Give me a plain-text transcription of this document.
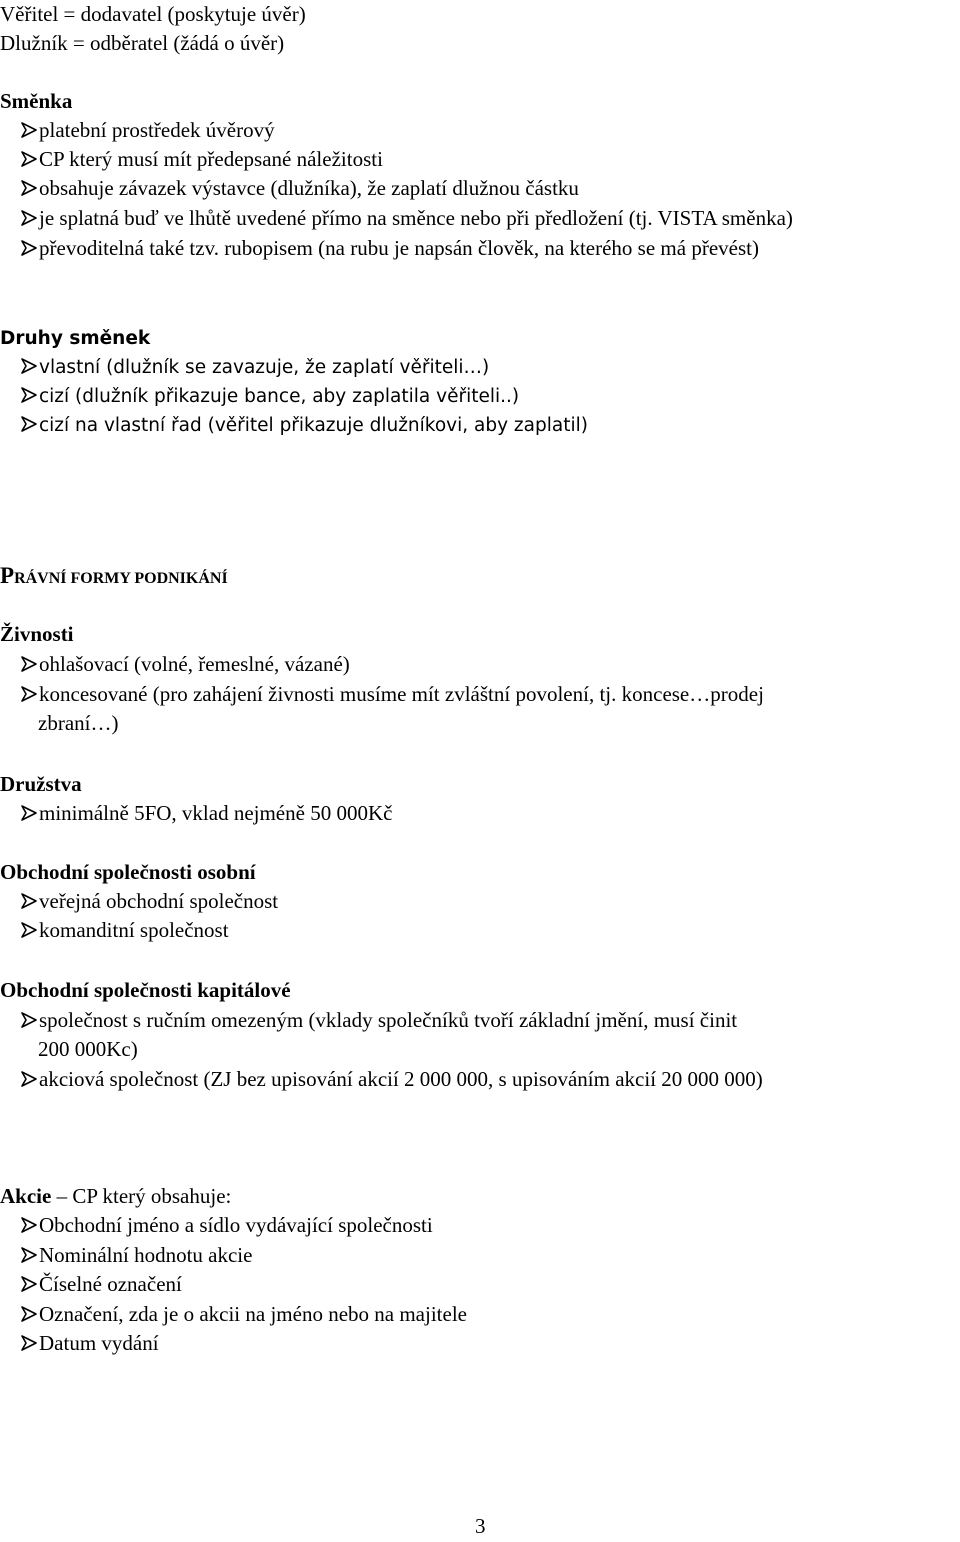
Věřitel = dodavatel (poskytuje úvěr)
Dlužník = odběratel (žádá o úvěr)
Směnka
platební prostředek úvěrový
CP který musí mít předepsané náležitosti
obsahuje závazek výstavce (dlužníka), že zaplatí dlužnou částku
je splatná buď ve lhůtě uvedené přímo na směnce nebo při předložení (tj. VISTA směnka)
převoditelná také tzv. rubopisem (na rubu je napsán člověk, na kterého se má převést)
Druhy směnek
vlastní (dlužník se zavazuje, že zaplatí věřiteli…)
cizí (dlužník přikazuje bance, aby zaplatila věřiteli..)
cizí na vlastní řad (věřitel přikazuje dlužníkovi, aby zaplatil)
PRÁVNÍ FORMY PODNIKÁNÍ
Živnosti
ohlašovací (volné, řemeslné, vázané)
koncesované (pro zahájení živnosti musíme mít zvláštní povolení, tj. koncese…prodej
zbraní…)
Družstva
minimálně 5FO, vklad nejméně 50 000Kč
Obchodní společnosti osobní
veřejná obchodní společnost
komanditní společnost
Obchodní společnosti kapitálové
společnost s ručním omezeným (vklady společníků tvoří základní jmění, musí činit
200 000Kc)
akciová společnost (ZJ bez upisování akcií 2 000 000, s upisováním akcií 20 000 000)
Akcie – CP který obsahuje:
Obchodní jméno a sídlo vydávající společnosti
Nominální hodnotu akcie
Číselné označení
Označení, zda je o akcii na jméno nebo na majitele
Datum vydání
3
